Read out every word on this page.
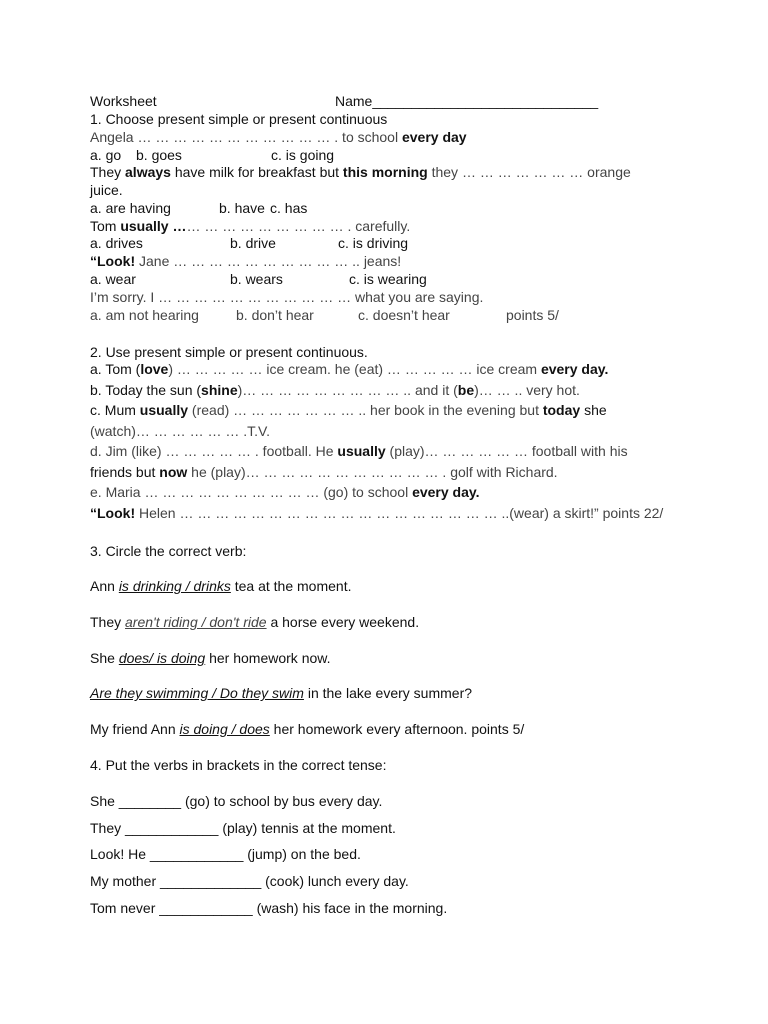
Worksheet	Name_____________________________
1. Choose present simple or present continuous
Angela … … … … … … … … … … … . to school every day
a. go b. goes	c. is going
They always have milk for breakfast but this morning they … … … … … … … orange
juice.
a. are having	b. have c. has
Tom usually …… … … … … … … … … . carefully.
a. drives	b. drive	c. is driving
“Look! Jane … … … … … … … … … … .. jeans!
a. wear	b. wears	c. is wearing
I’m sorry. I … … … … … … … … … … … what you are saying.
a. am not hearing	b. don’t hear	c. doesn’t hear	points 5/
2. Use present simple or present continuous.
a. Tom (love) … … … … … ice cream. he (eat) … … … … … ice cream every day.
b. Today the sun (shine)… … … … … … … … … .. and it (be)… … .. very hot.
c. Mum usually (read) … … … … … … … .. her book in the evening but today she
(watch)… … … … … … .T.V.
d. Jim (like) … … … … … . football. He usually (play)… … … … … … football with his
friends but now he (play)… … … … … … … … … … … . golf with Richard.
e. Maria … … … … … … … … … … (go) to school every day.
“Look! Helen … … … … … … … … … … … … … … … … … … ..(wear) a skirt!” points 22/
3. Circle the correct verb:
Ann is drinking / drinks tea at the moment.
They aren't riding / don't ride a horse every weekend.
She does/ is doing her homework now.
Are they swimming / Do they swim in the lake every summer?
My friend Ann is doing / does her homework every afternoon. points 5/
4. Put the verbs in brackets in the correct tense:
She ________ (go) to school by bus every day.
They ____________ (play) tennis at the moment.
Look! He ____________ (jump) on the bed.
My mother _____________ (cook) lunch every day.
Tom never ____________ (wash) his face in the morning.
